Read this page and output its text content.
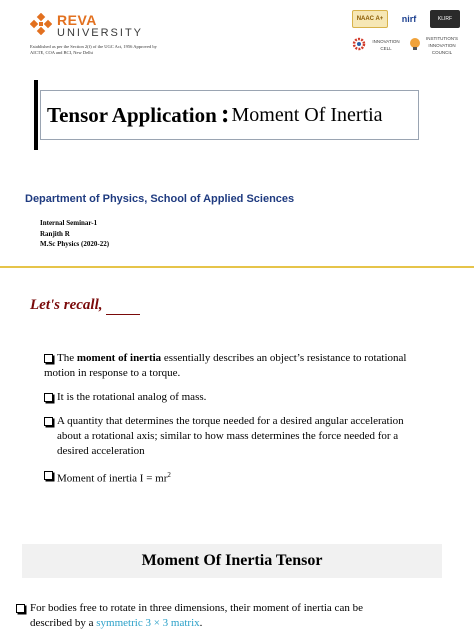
REVA
UNIVERSITY
Established as per the Section 2(f) of the UGC Act, 1956 Approved by AICTE, COA and BCI, New Delhi
NAAC A+	nirf	KLIRF
INNOVATION CELL
INSTITUTION'S INNOVATION COUNCIL
Tensor Application : Moment Of Inertia
Department of Physics, School of Applied Sciences
Internal Seminar-1
Ranjith R
M.Sc Physics (2020-22)
Let's recall,
The moment of inertia essentially describes an object’s resistance to rotational
motion in response to a torque.
It is the rotational analog of mass.
A quantity that determines the torque needed for a desired angular acceleration
about a rotational axis; similar to how mass determines the force needed for a
desired acceleration
Moment of inertia $I = mr^2$
Moment Of Inertia Tensor
For bodies free to rotate in three dimensions, their moment of inertia can be
described by a symmetric 3 × 3 matrix.
